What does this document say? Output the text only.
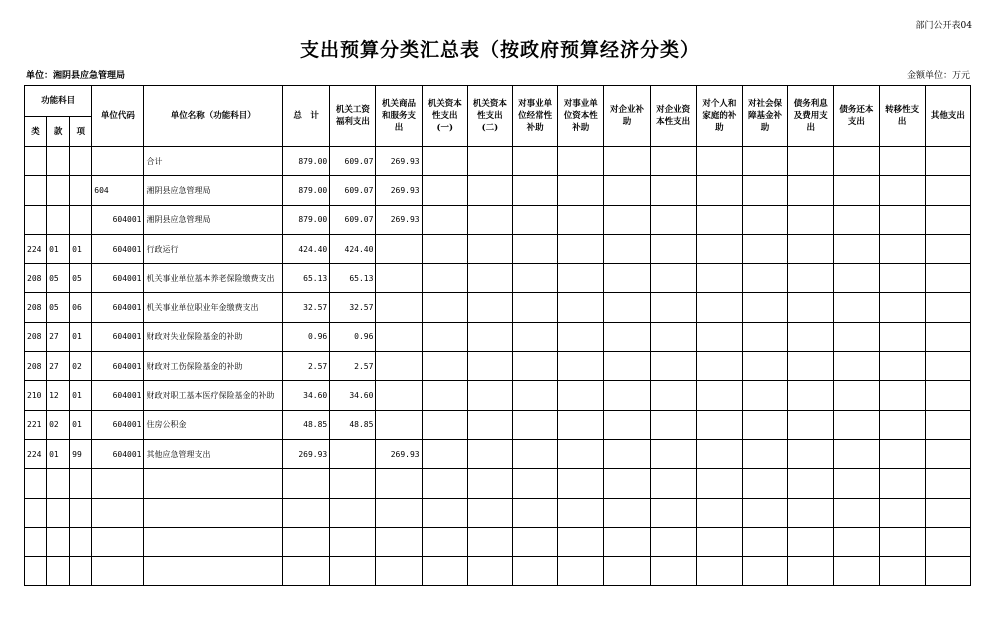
部门公开表04
支出预算分类汇总表（按政府预算经济分类）
单位：湘阴县应急管理局	金额单位：万元
功能科目			单位代码	单位名称（功能科目）	总　计	机关工资福利支出	机关商品和服务支出	机关资本性支出(一)	机关资本性支出(二)	对事业单位经常性补助	对事业单位资本性补助	对企业补助	对企业资本性支出	对个人和家庭的补助	对社会保障基金补助	债务利息及费用支出	债务还本支出	转移性支出	其他支出
类	款	项																	
				合计	879.00	609.07	269.93												
			604	湘阴县应急管理局	879.00	609.07	269.93												
			604001	湘阴县应急管理局	879.00	609.07	269.93												
224	01	01	604001	行政运行	424.40	424.40													
208	05	05	604001	机关事业单位基本养老保险缴费支出	65.13	65.13													
208	05	06	604001	机关事业单位职业年金缴费支出	32.57	32.57													
208	27	01	604001	财政对失业保险基金的补助	0.96	0.96													
208	27	02	604001	财政对工伤保险基金的补助	2.57	2.57													
210	12	01	604001	财政对职工基本医疗保险基金的补助	34.60	34.60													
221	02	01	604001	住房公积金	48.85	48.85													
224	01	99	604001	其他应急管理支出	269.93		269.93												
